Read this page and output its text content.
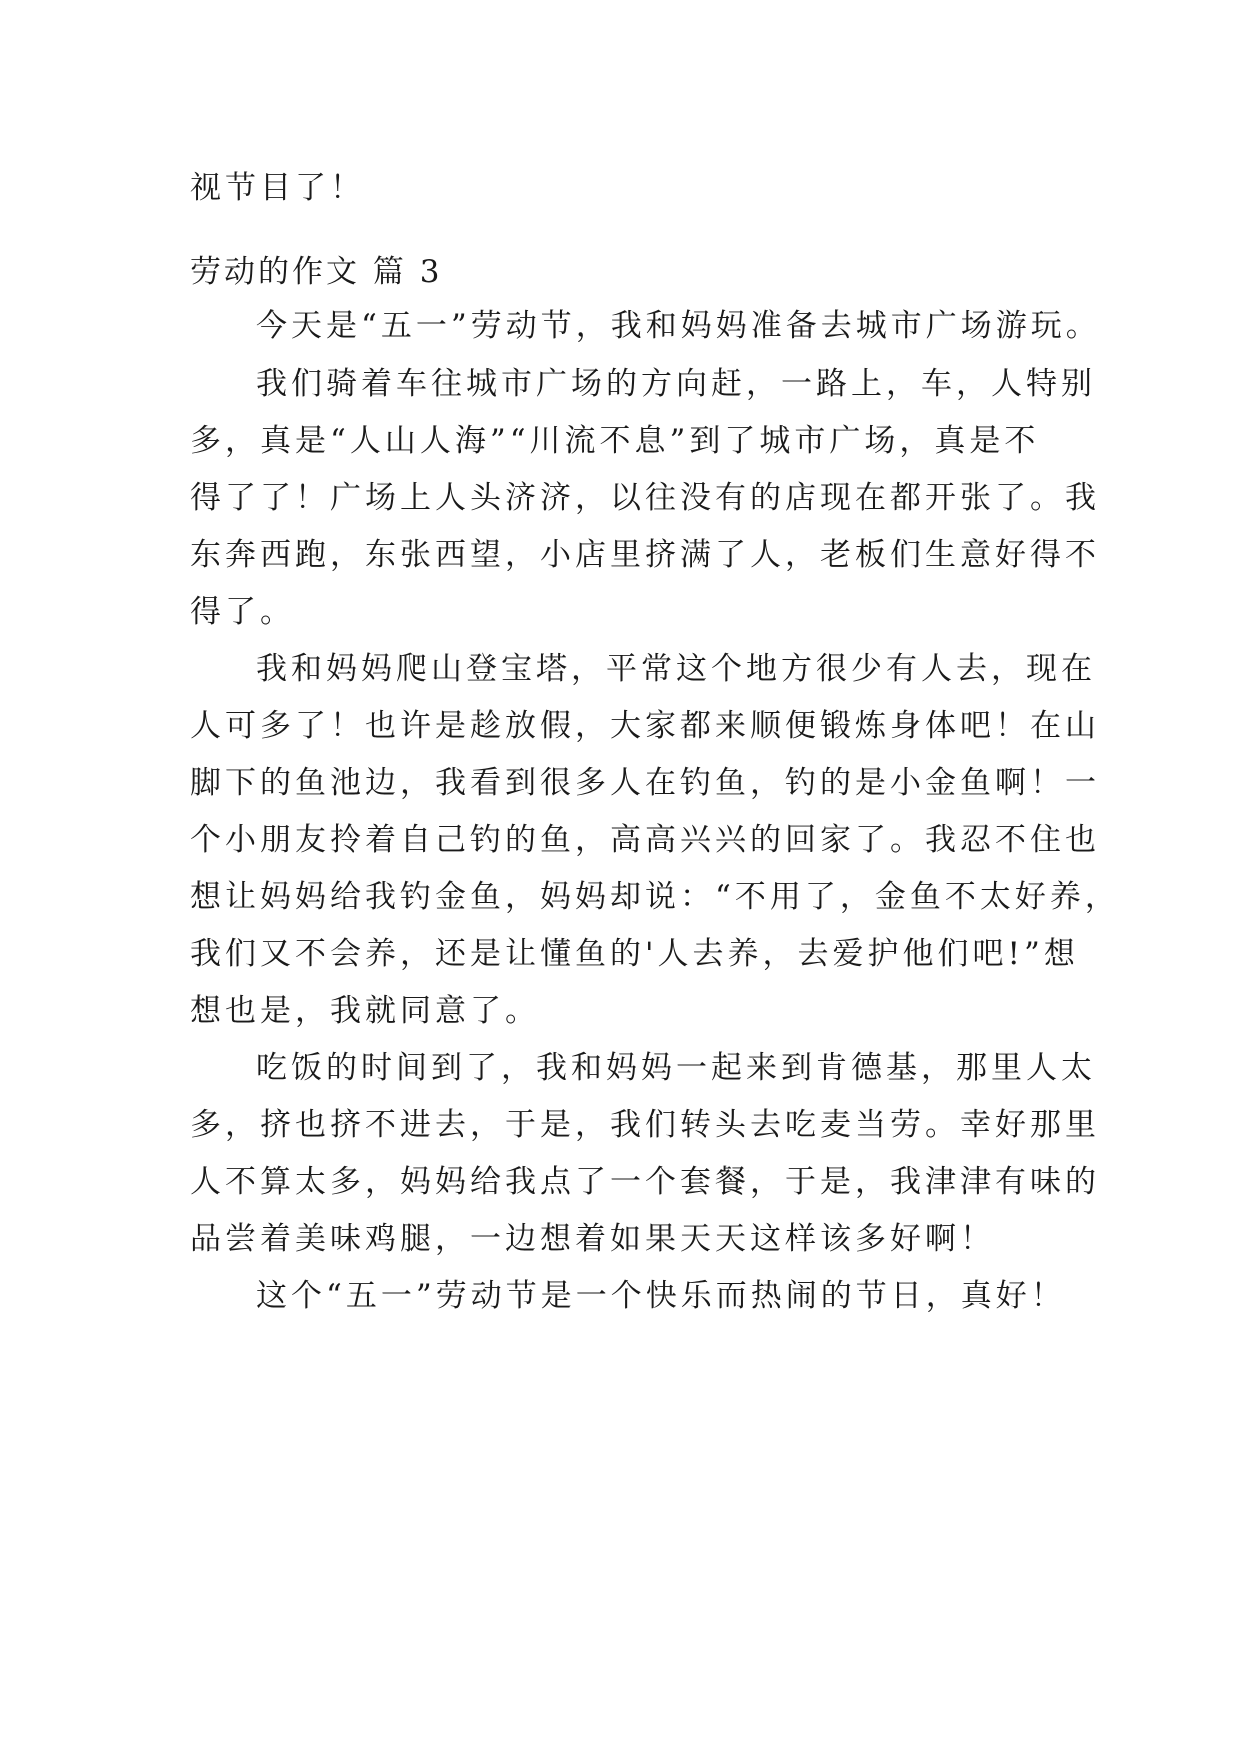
视节目了！
劳动的作文 篇 3
今天是“五一”劳动节，我和妈妈准备去城市广场游玩。
我们骑着车往城市广场的方向赶，一路上，车，人特别
多，真是“人山人海”“川流不息”到了城市广场，真是不
得了了！广场上人头济济，以往没有的店现在都开张了。我
东奔西跑，东张西望，小店里挤满了人，老板们生意好得不
得了。
我和妈妈爬山登宝塔，平常这个地方很少有人去，现在
人可多了！也许是趁放假，大家都来顺便锻炼身体吧！在山
脚下的鱼池边，我看到很多人在钓鱼，钓的是小金鱼啊！一
个小朋友拎着自己钓的鱼，高高兴兴的回家了。我忍不住也
想让妈妈给我钓金鱼，妈妈却说：“不用了，金鱼不太好养，
我们又不会养，还是让懂鱼的'人去养，去爱护他们吧!”想
想也是，我就同意了。
吃饭的时间到了，我和妈妈一起来到肯德基，那里人太
多，挤也挤不进去，于是，我们转头去吃麦当劳。幸好那里
人不算太多，妈妈给我点了一个套餐，于是，我津津有味的
品尝着美味鸡腿，一边想着如果天天这样该多好啊！
这个“五一”劳动节是一个快乐而热闹的节日，真好！
